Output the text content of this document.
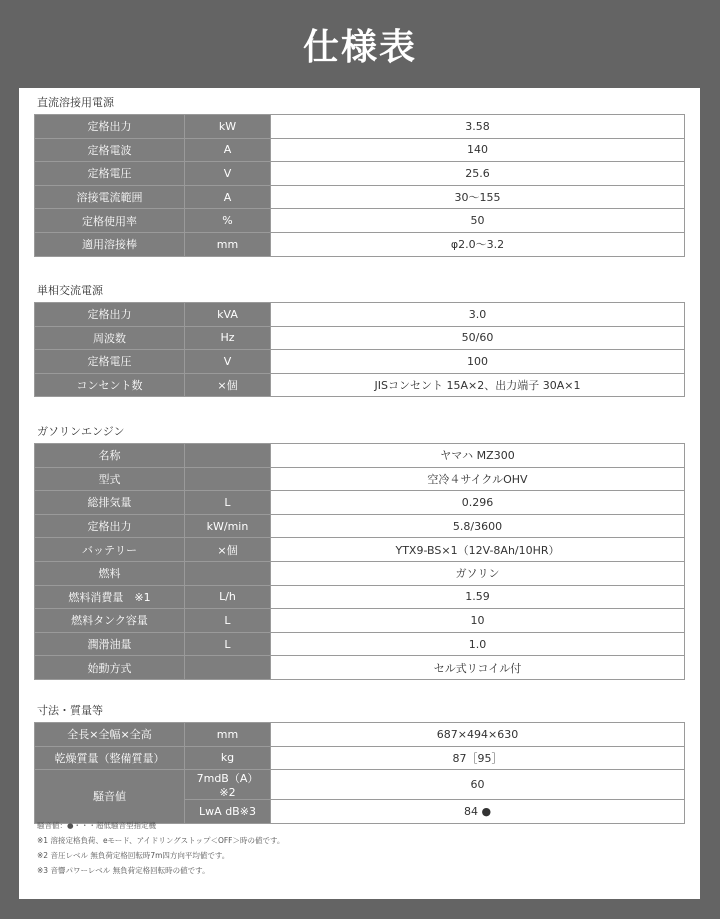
仕様表
直流溶接用電源
定格出力	kW	3.58
定格電波	A	140
定格電圧	V	25.6
溶接電流範囲	A	30～155
定格使用率	%	50
適用溶接棒	mm	φ2.0～3.2
単相交流電源
定格出力	kVA	3.0
周波数	Hz	50/60
定格電圧	V	100
コンセント数	×個	JISコンセント 15A×2、出力端子 30A×1
ガソリンエンジン
名称		ヤマハ MZ300
型式		空冷４サイクルOHV
総排気量	L	0.296
定格出力	kW/min	5.8/3600
バッテリー	×個	YTX9-BS×1（12V-8Ah/10HR）
燃料		ガソリン
燃料消費量　※1	L/h	1.59
燃料タンク容量	L	10
潤滑油量	L	1.0
始動方式		セル式リコイル付
寸法・質量等
全長×全幅×全高	mm	687×494×630
乾燥質量（整備質量）	kg	87［95］
騒音値	7mdB（A）※2	60
	LwA dB※3	84 ●
騒音値：●・・・超低騒音型指定機
※1 溶接定格負荷、eモード、アイドリングストップ＜OFF＞時の値です。
※2 音圧レベル 無負荷定格回転時7m四方向平均値です。
※3 音響パワーレベル 無負荷定格回転時の値です。
